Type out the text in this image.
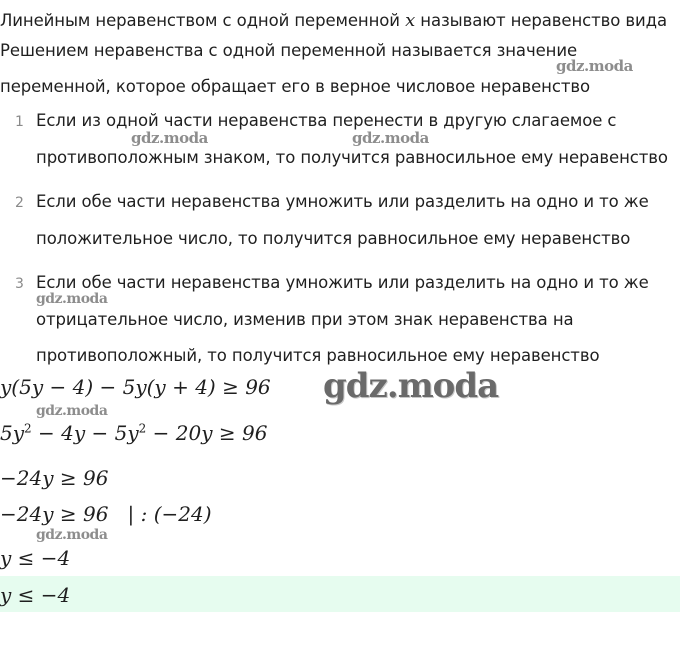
Линейным неравенством с одной переменной x называют неравенство вида
Решением неравенства с одной переменной называется значение
переменной, которое обращает его в верное числовое неравенство
1 Если из одной части неравенства перенести в другую слагаемое с
противоположным знаком, то получится равносильное ему неравенство
2 Если обе части неравенства умножить или разделить на одно и то же
положительное число, то получится равносильное ему неравенство
3 Если обе части неравенства умножить или разделить на одно и то же
отрицательное число, изменив при этом знак неравенства на
противоположный, то получится равносильное ему неравенство
y(5y − 4) − 5y(y + 4) ≥ 96
$5y^2 - 4y - 5y^2 - 20y \ge 96$
−24y ≥ 96
−24y ≥ 96   | : (−24)
y ≤ −4
y ≤ −4
gdz.moda
gdz.moda	gdz.moda
gdz.moda
gdz.moda
gdz.moda
gdz.moda
